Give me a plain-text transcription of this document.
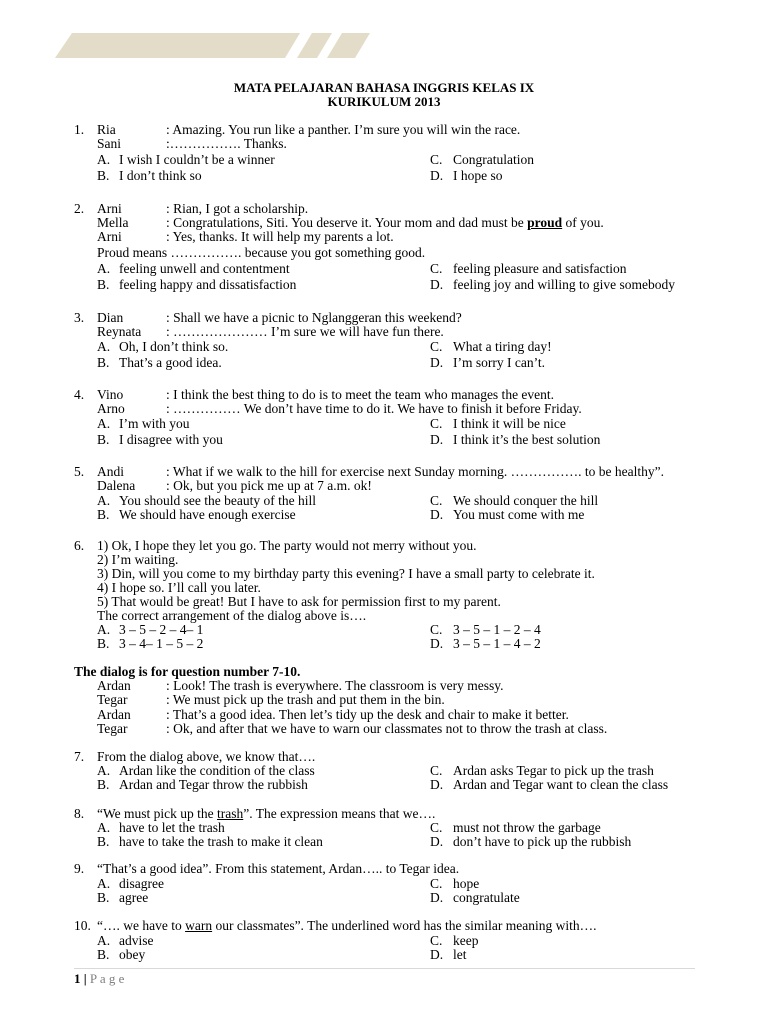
MATA PELAJARAN BAHASA INGGRIS KELAS IX
KURIKULUM 2013
1. Ria	: Amazing. You run like a panther. I’m sure you will win the race.
Sani	:……………. Thanks.
A. I wish I couldn’t be a winner
B. I don’t think so
C. Congratulation
D. I hope so
2. Arni	: Rian, I got a scholarship.
Mella	: Congratulations, Siti. You deserve it. Your mom and dad must be proud of you.
Arni	: Yes, thanks. It will help my parents a lot.
Proud means ……………. because you got something good.
A. feeling unwell and contentment
B. feeling happy and dissatisfaction
C. feeling pleasure and satisfaction
D. feeling joy and willing to give somebody
3. Dian	: Shall we have a picnic to Nglanggeran this weekend?
Reynata : ………………… I’m sure we will have fun there.
A. Oh, I don’t think so.
B. That’s a good idea.
C. What a tiring day!
D. I’m sorry I can’t.
4. Vino	: I think the best thing to do is to meet the team who manages the event.
Arno	: …………… We don’t have time to do it. We have to finish it before Friday.
A. I’m with you
B. I disagree with you
C. I think it will be nice
D. I think it’s the best solution
5. Andi	: What if we walk to the hill for exercise next Sunday morning. ……………. to be healthy”.
Dalena : Ok, but you pick me up at 7 a.m. ok!
A. You should see the beauty of the hill
B. We should have enough exercise
C. We should conquer the hill
D. You must come with me
6. 1) Ok, I hope they let you go. The party would not merry without you.
2) I’m waiting.
3) Din, will you come to my birthday party this evening? I have a small party to celebrate it.
4) I hope so. I’ll call you later.
5) That would be great! But I have to ask for permission first to my parent.
The correct arrangement of the dialog above is….
A. 3 – 5 – 2 – 4– 1
B. 3 – 4– 1 – 5 – 2
C. 3 – 5 – 1 – 2 – 4
D. 3 – 5 – 1 – 4 – 2
The dialog is for question number 7-10.
Ardan	: Look! The trash is everywhere. The classroom is very messy.
Tegar	: We must pick up the trash and put them in the bin.
Ardan	: That’s a good idea. Then let’s tidy up the desk and chair to make it better.
Tegar	: Ok, and after that we have to warn our classmates not to throw the trash at class.
7. From the dialog above, we know that….
A. Ardan like the condition of the class
B. Ardan and Tegar throw the rubbish
C. Ardan asks Tegar to pick up the trash
D. Ardan and Tegar want to clean the class
8. “We must pick up the trash”. The expression means that we….
A. have to let the trash
B. have to take the trash to make it clean
C. must not throw the garbage
D. don’t have to pick up the rubbish
9. “That’s a good idea”. From this statement, Ardan….. to Tegar idea.
A. disagree
B. agree
C. hope
D. congratulate
10. “…. we have to warn our classmates”. The underlined word has the similar meaning with….
A. advise
B. obey
C. keep
D. let
1 | P a g e
